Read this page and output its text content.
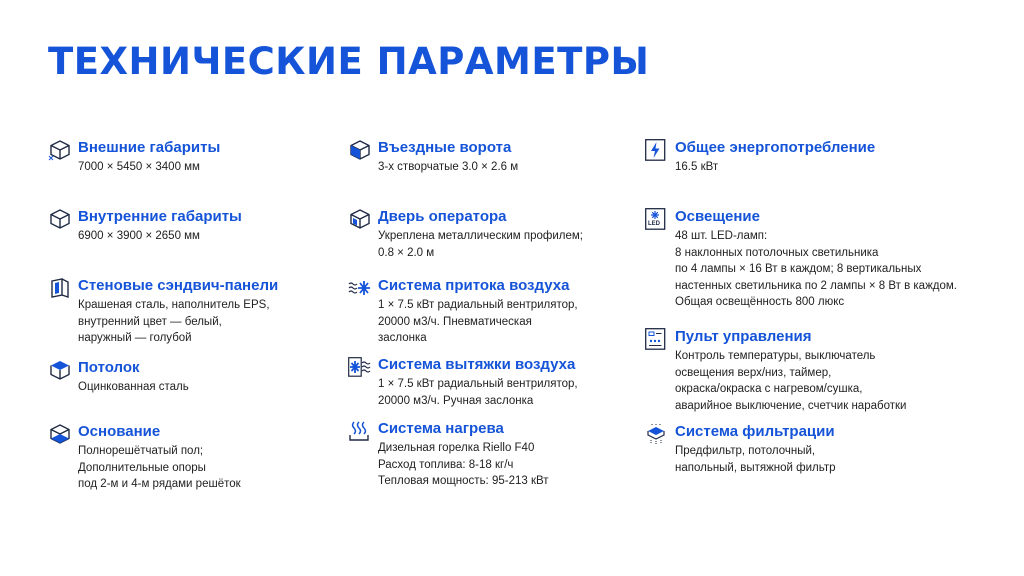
ТЕХНИЧЕСКИЕ ПАРАМЕТРЫ
Внешние габариты
7000 × 5450 × 3400 мм
Внутренние габариты
6900 × 3900 × 2650 мм
Стеновые сэндвич-панели
Крашеная сталь, наполнитель EPS,
внутренний цвет — белый,
наружный — голубой
Потолок
Оцинкованная сталь
Основание
Полнорешётчатый пол;
Дополнительные опоры
под 2-м и 4-м рядами решёток
Въездные ворота
3-х створчатые 3.0 × 2.6 м
Дверь оператора
Укреплена металлическим профилем;
0.8 × 2.0 м
Система притока воздуха
1 × 7.5 кВт радиальный вентрилятор,
20000 м3/ч. Пневматическая
заслонка
Система вытяжки воздуха
1 × 7.5 кВт радиальный вентрилятор,
20000 м3/ч. Ручная заслонка
Система нагрева
Дизельная горелка Riello F40
Расход топлива: 8-18 кг/ч
Тепловая мощность: 95-213 кВт
Общее энергопотребление
16.5 кВт
LED Освещение
48 шт. LED-ламп:
8 наклонных потолочных светильника
по 4 лампы × 16 Вт в каждом; 8 вертикальных
настенных светильника по 2 лампы × 8 Вт в каждом.
Общая освещённость 800 люкс
Пульт управления
Контроль температуры, выключатель
освещения верх/низ, таймер,
окраска/окраска с нагревом/сушка,
аварийное выключение, счетчик наработки
Система фильтрации
Предфильтр, потолочный,
напольный, вытяжной фильтр
